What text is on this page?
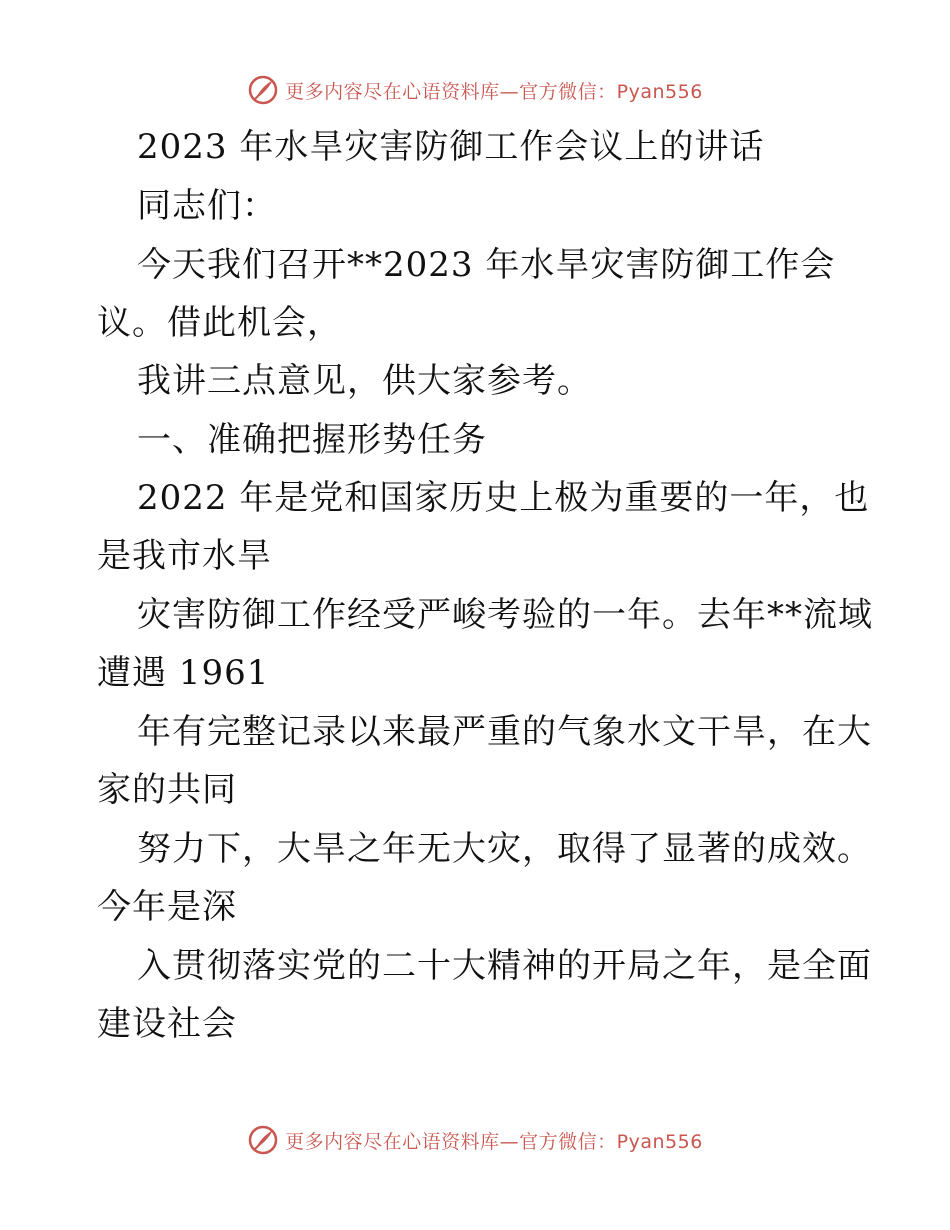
更多内容尽在心语资料库—官方微信：Pyan556
2023 年水旱灾害防御工作会议上的讲话
同志们：
今天我们召开**2023 年水旱灾害防御工作会
议。借此机会，
我讲三点意见，供大家参考。
一、准确把握形势任务
2022 年是党和国家历史上极为重要的一年，也
是我市水旱
灾害防御工作经受严峻考验的一年。去年**流域
遭遇 1961
年有完整记录以来最严重的气象水文干旱，在大
家的共同
努力下，大旱之年无大灾，取得了显著的成效。
今年是深
入贯彻落实党的二十大精神的开局之年，是全面
建设社会
更多内容尽在心语资料库—官方微信：Pyan556
